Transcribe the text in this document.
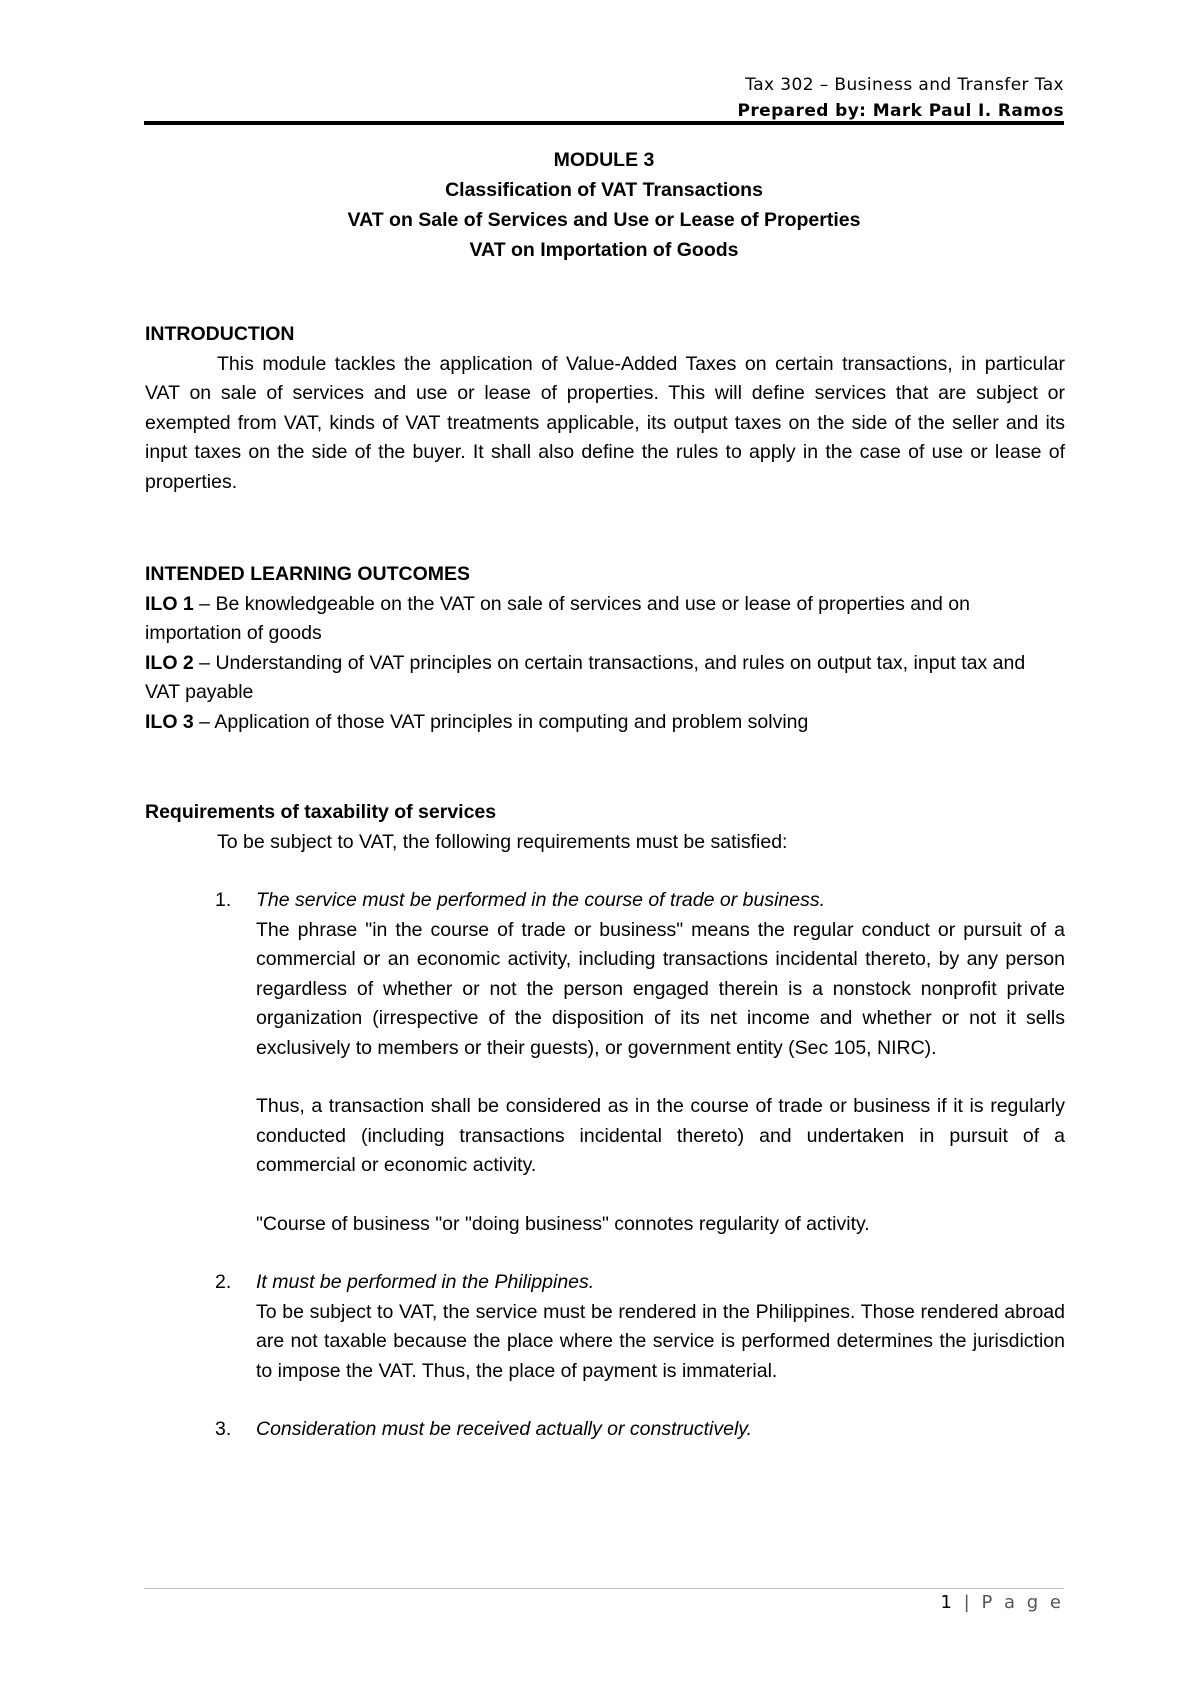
Tax 302 – Business and Transfer Tax
Prepared by: Mark Paul I. Ramos
MODULE 3
Classification of VAT Transactions
VAT on Sale of Services and Use or Lease of Properties
VAT on Importation of Goods

INTRODUCTION

This module tackles the application of Value-Added Taxes on certain transactions, in particular VAT on sale of services and use or lease of properties. This will define services that are subject or exempted from VAT, kinds of VAT treatments applicable, its output taxes on the side of the seller and its input taxes on the side of the buyer. It shall also define the rules to apply in the case of use or lease of properties.

INTENDED LEARNING OUTCOMES

ILO 1 – Be knowledgeable on the VAT on sale of services and use or lease of properties and on importation of goods

ILO 2 – Understanding of VAT principles on certain transactions, and rules on output tax, input tax and VAT payable

ILO 3 – Application of those VAT principles in computing and problem solving

Requirements of taxability of services

To be subject to VAT, the following requirements must be satisfied:

1. The service must be performed in the course of trade or business.

The phrase "in the course of trade or business" means the regular conduct or pursuit of a commercial or an economic activity, including transactions incidental thereto, by any person regardless of whether or not the person engaged therein is a nonstock nonprofit private organization (irrespective of the disposition of its net income and whether or not it sells exclusively to members or their guests), or government entity (Sec 105, NIRC).

Thus, a transaction shall be considered as in the course of trade or business if it is regularly conducted (including transactions incidental thereto) and undertaken in pursuit of a commercial or economic activity.

"Course of business "or "doing business" connotes regularity of activity.

2. It must be performed in the Philippines.

To be subject to VAT, the service must be rendered in the Philippines. Those rendered abroad are not taxable because the place where the service is performed determines the jurisdiction to impose the VAT. Thus, the place of payment is immaterial.

3. Consideration must be received actually or constructively.

1 | P a g e
